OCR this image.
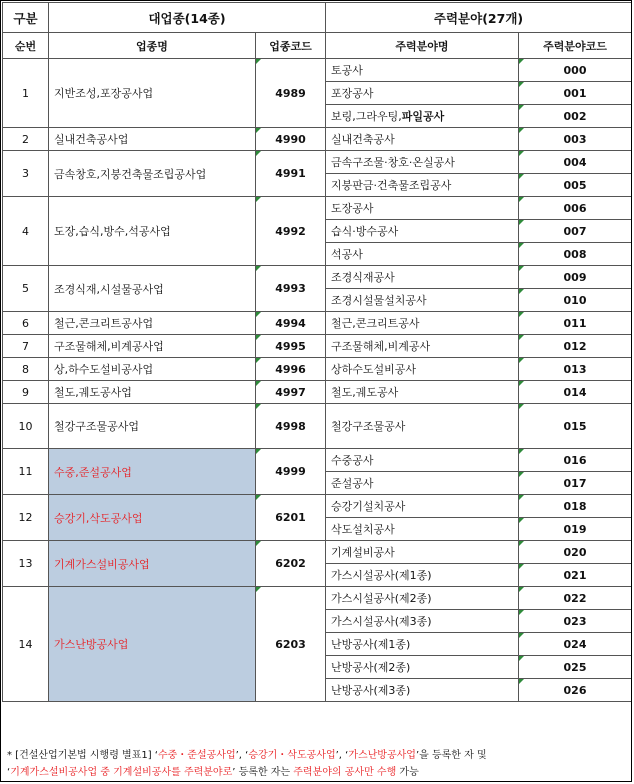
구분	대업종(14종)		주력분야(27개)	
순번	업종명	업종코드	주력분야명	주력분야코드
1	지반조성,포장공사업	4989	토공사	000
			포장공사	001
			보링,그라우팅,파일공사	002
2	실내건축공사업	4990	실내건축공사	003
3	금속창호,지붕건축물조립공사업	4991	금속구조물·창호·온실공사	004
			지붕판금·건축물조립공사	005
4	도장,습식,방수,석공사업	4992	도장공사	006
			습식·방수공사	007
			석공사	008
5	조경식재,시설물공사업	4993	조경식재공사	009
			조경시설물설치공사	010
6	철근,콘크리트공사업	4994	철근,콘크리트공사	011
7	구조물해체,비계공사업	4995	구조물해체,비계공사	012
8	상,하수도설비공사업	4996	상하수도설비공사	013
9	철도,궤도공사업	4997	철도,궤도공사	014
10	철강구조물공사업	4998	철강구조물공사	015
11	수중,준설공사업	4999	수중공사	016
			준설공사	017
12	승강기,삭도공사업	6201	승강기설치공사	018
			삭도설치공사	019
13	기계가스설비공사업	6202	기계설비공사	020
			가스시설공사(제1종)	021
14	가스난방공사업	6203	가스시설공사(제2종)	022
			가스시설공사(제3종)	023
			난방공사(제1종)	024
			난방공사(제2종)	025
			난방공사(제3종)	026
* [건설산업기본법 시행령 별표1] ‘수중・준설공사업’, ‘승강기・삭도공사업’, ‘가스난방공사업’을 등록한 자 및
‘기계가스설비공사업 중 기계설비공사를 주력분야로’ 등록한 자는 주력분야의 공사만 수행 가능
